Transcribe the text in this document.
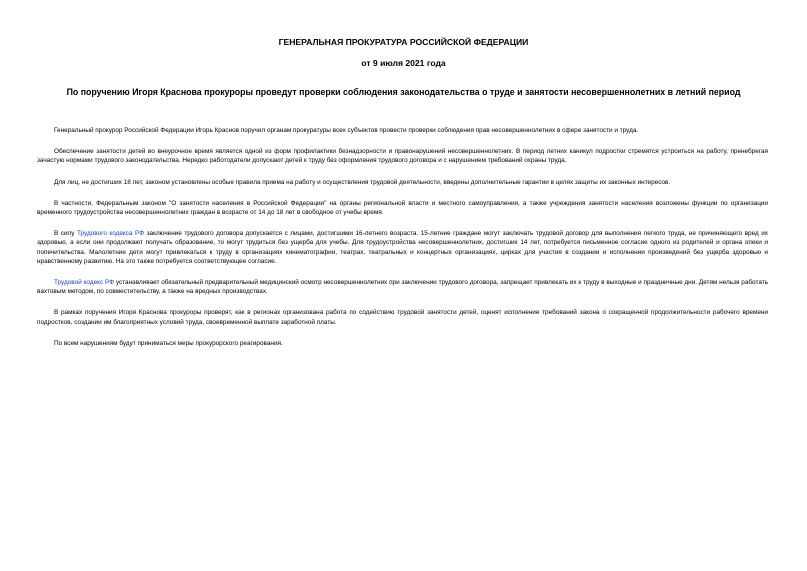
ГЕНЕРАЛЬНАЯ ПРОКУРАТУРА РОССИЙСКОЙ ФЕДЕРАЦИИ
от 9 июля 2021 года
По поручению Игоря Краснова прокуроры проведут проверки соблюдения законодательства о труде и занятости несовершеннолетних в летний период

Генеральный прокурор Российской Федерации Игорь Краснов поручил органам прокуратуры всех субъектов провести проверки соблюдения прав несовершеннолетних в сфере занятости и труда.

Обеспечение занятости детей во внеурочное время является одной из форм профилактики безнадзорности и правонарушений несовершеннолетних. В период летних каникул подростки стремятся устроиться на работу, пренебрегая зачастую нормами трудового законодательства. Нередко работодатели допускают детей к труду без оформления трудового договора и с нарушением требований охраны труда.

Для лиц, не достигших 18 лет, законом установлены особые правила приема на работу и осуществления трудовой деятельности, введены дополнительные гарантии в целях защиты их законных интересов.

В частности, Федеральным законом "О занятости населения в Российской Федерации" на органы региональной власти и местного самоуправления, а также учреждения занятости населения возложены функции по организации временного трудоустройства несовершеннолетних граждан в возрасте от 14 до 18 лет в свободное от учебы время.

В силу Трудового кодекса РФ заключение трудового договора допускается с лицами, достигшими 16-летнего возраста. 15-летние граждане могут заключать трудовой договор для выполнения легкого труда, не причиняющего вред их здоровью, а если они продолжают получать образование, то могут трудиться без ущерба для учебы. Для трудоустройства несовершеннолетних, достигших 14 лет, потребуется письменное согласие одного из родителей и органа опеки и попечительства. Малолетние дети могут привлекаться к труду в организациях кинематографии, театрах, театральных и концертных организациях, цирках для участия в создании и исполнении произведений без ущерба здоровью и нравственному развитию. На это также потребуется соответствующее согласие.

Трудовой кодекс РФ устанавливает обязательный предварительный медицинский осмотр несовершеннолетних при заключении трудового договора, запрещает привлекать их к труду в выходные и праздничные дни. Детям нельзя работать вахтовым методом, по совместительству, а также на вредных производствах.

В рамках поручения Игоря Краснова прокуроры проверят, как в регионах организована работа по содействию трудовой занятости детей, оценят исполнение требований закона о сокращенной продолжительности рабочего времени подростков, создании им благоприятных условий труда, своевременной выплате заработной платы.

По всем нарушениям будут приниматься меры прокурорского реагирования.
